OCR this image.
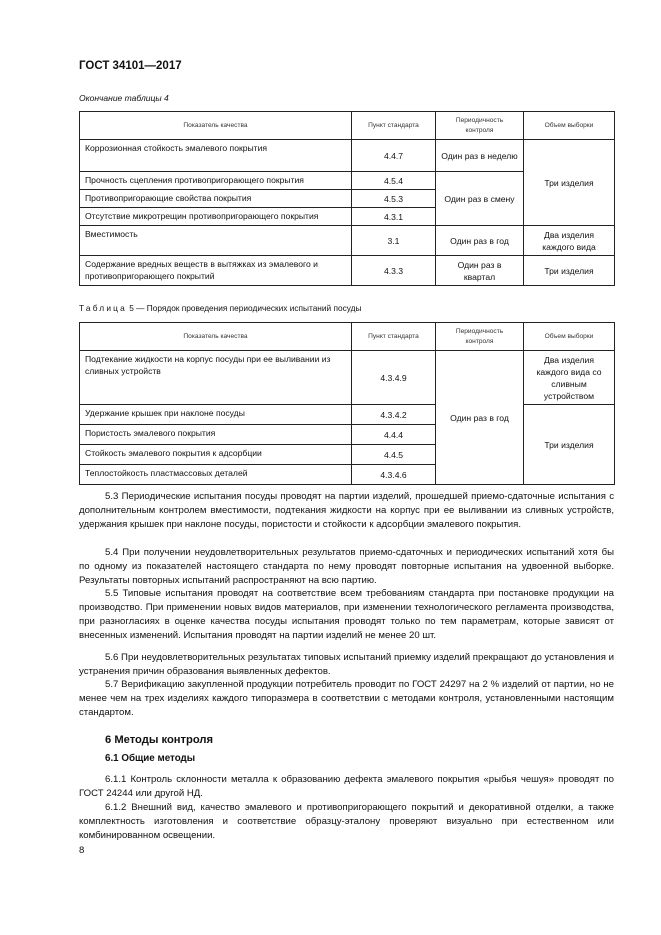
ГОСТ 34101—2017
Окончание таблицы 4
Показатель качества	Пункт стандарта	Периодичность контроля	Объем выборки
Коррозионная стойкость эмалевого покрытия	4.4.7	Один раз в неделю	Три изделия
Прочность сцепления противопригорающего покрытия	4.5.4	Один раз в смену	
Противопригорающие свойства покрытия	4.5.3		
Отсутствие микротрещин противопригорающего покрытия	4.3.1		
Вместимость	3.1	Один раз в год	Два изделия каждого вида
Содержание вредных веществ в вытяжках из эмалевого и противопригорающего покрытий	4.3.3	Один раз в квартал	Три изделия
Таблица 5 — Порядок проведения периодических испытаний посуды
Показатель качества	Пункт стандарта	Периодичность контроля	Объем выборки
Подтекание жидкости на корпус посуды при ее выливании из сливных устройств	4.3.4.9	Один раз в год	Два изделия каждого вида со сливным устройством
Удержание крышек при наклоне посуды	4.3.4.2		Три изделия
Пористость эмалевого покрытия	4.4.4		
Стойкость эмалевого покрытия к адсорбции	4.4.5		
Теплостойкость пластмассовых деталей	4.3.4.6		
5.3 Периодические испытания посуды проводят на партии изделий, прошедшей приемо-сдаточные испытания с дополнительным контролем вместимости, подтекания жидкости на корпус при ее выливании из сливных устройств, удержания крышек при наклоне посуды, пористости и стойкости к адсорбции эмалевого покрытия.
5.4 При получении неудовлетворительных результатов приемо-сдаточных и периодических испытаний хотя бы по одному из показателей настоящего стандарта по нему проводят повторные испытания на удвоенной выборке. Результаты повторных испытаний распространяют на всю партию.
5.5 Типовые испытания проводят на соответствие всем требованиям стандарта при постановке продукции на производство. При применении новых видов материалов, при изменении технологического регламента производства, при разногласиях в оценке качества посуды испытания проводят только по тем параметрам, которые зависят от внесенных изменений. Испытания проводят на партии изделий не менее 20 шт.
5.6 При неудовлетворительных результатах типовых испытаний приемку изделий прекращают до установления и устранения причин образования выявленных дефектов.
5.7 Верификацию закупленной продукции потребитель проводит по ГОСТ 24297 на 2 % изделий от партии, но не менее чем на трех изделиях каждого типоразмера в соответствии с методами контроля, установленными настоящим стандартом.
6 Методы контроля
6.1 Общие методы
6.1.1 Контроль склонности металла к образованию дефекта эмалевого покрытия «рыбья чешуя» проводят по ГОСТ 24244 или другой НД.
6.1.2 Внешний вид, качество эмалевого и противопригорающего покрытий и декоративной отделки, а также комплектность изготовления и соответствие образцу-эталону проверяют визуально при естественном или комбинированном освещении.
8
